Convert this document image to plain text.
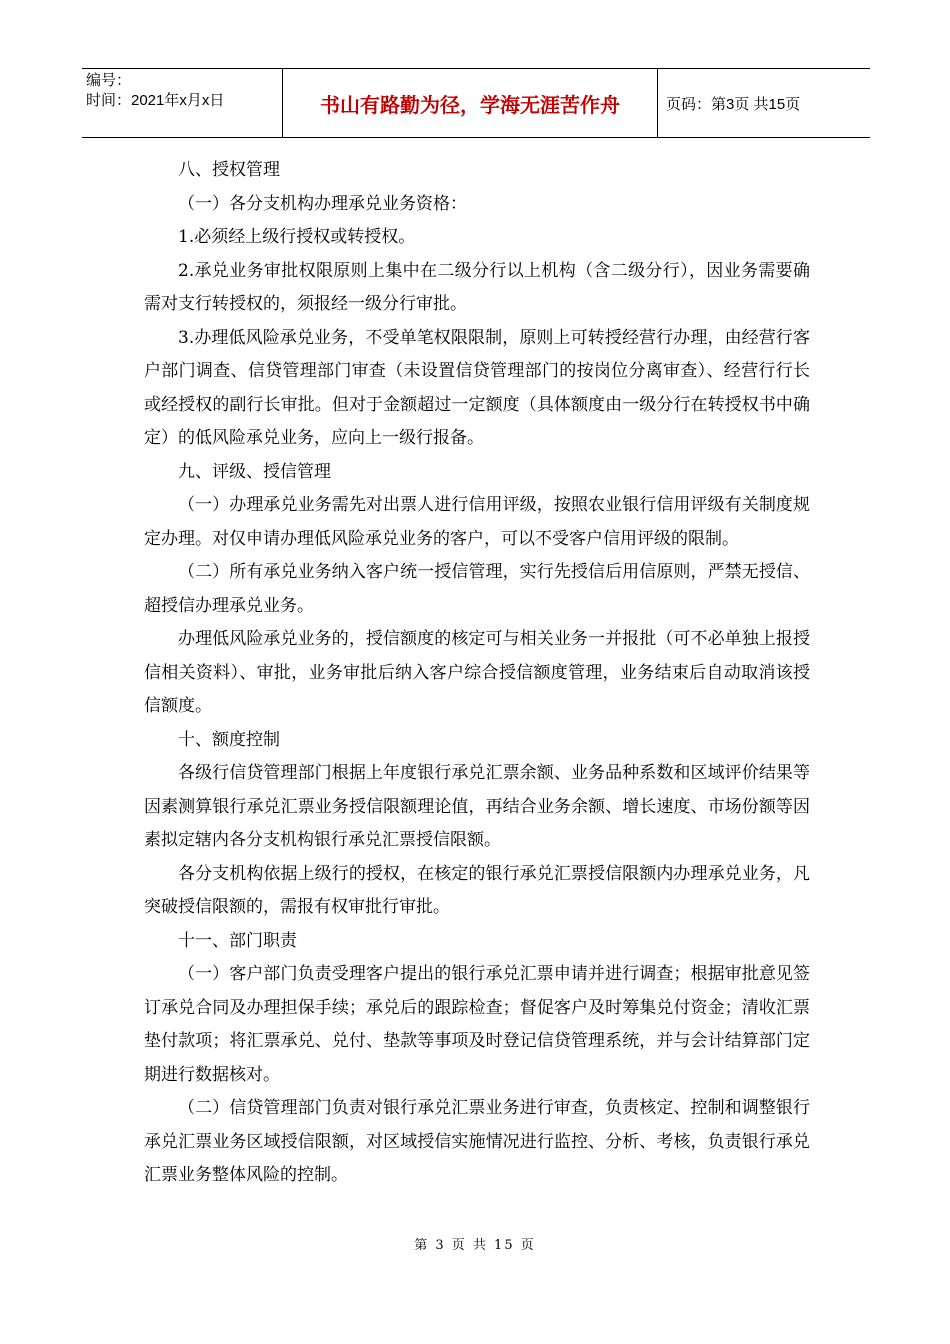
编号：
时间：2021年x月x日	书山有路勤为径，学海无涯苦作舟	页码：第3页 共15页

八、授权管理

（一）各分支机构办理承兑业务资格：

1.必须经上级行授权或转授权。

2.承兑业务审批权限原则上集中在二级分行以上机构（含二级分行），因业务需要确需对支行转授权的，须报经一级分行审批。

3.办理低风险承兑业务，不受单笔权限限制，原则上可转授经营行办理，由经营行客户部门调查、信贷管理部门审查（未设置信贷管理部门的按岗位分离审查）、经营行行长或经授权的副行长审批。但对于金额超过一定额度（具体额度由一级分行在转授权书中确定）的低风险承兑业务，应向上一级行报备。

九、评级、授信管理

（一）办理承兑业务需先对出票人进行信用评级，按照农业银行信用评级有关制度规定办理。对仅申请办理低风险承兑业务的客户，可以不受客户信用评级的限制。

（二）所有承兑业务纳入客户统一授信管理，实行先授信后用信原则，严禁无授信、超授信办理承兑业务。

办理低风险承兑业务的，授信额度的核定可与相关业务一并报批（可不必单独上报授信相关资料）、审批，业务审批后纳入客户综合授信额度管理，业务结束后自动取消该授信额度。

十、额度控制

各级行信贷管理部门根据上年度银行承兑汇票余额、业务品种系数和区域评价结果等因素测算银行承兑汇票业务授信限额理论值，再结合业务余额、增长速度、市场份额等因素拟定辖内各分支机构银行承兑汇票授信限额。

各分支机构依据上级行的授权，在核定的银行承兑汇票授信限额内办理承兑业务，凡突破授信限额的，需报有权审批行审批。

十一、部门职责

（一）客户部门负责受理客户提出的银行承兑汇票申请并进行调查；根据审批意见签订承兑合同及办理担保手续；承兑后的跟踪检查；督促客户及时筹集兑付资金；清收汇票垫付款项；将汇票承兑、兑付、垫款等事项及时登记信贷管理系统，并与会计结算部门定期进行数据核对。

（二）信贷管理部门负责对银行承兑汇票业务进行审查，负责核定、控制和调整银行承兑汇票业务区域授信限额，对区域授信实施情况进行监控、分析、考核，负责银行承兑汇票业务整体风险的控制。

第 3 页 共 15 页
